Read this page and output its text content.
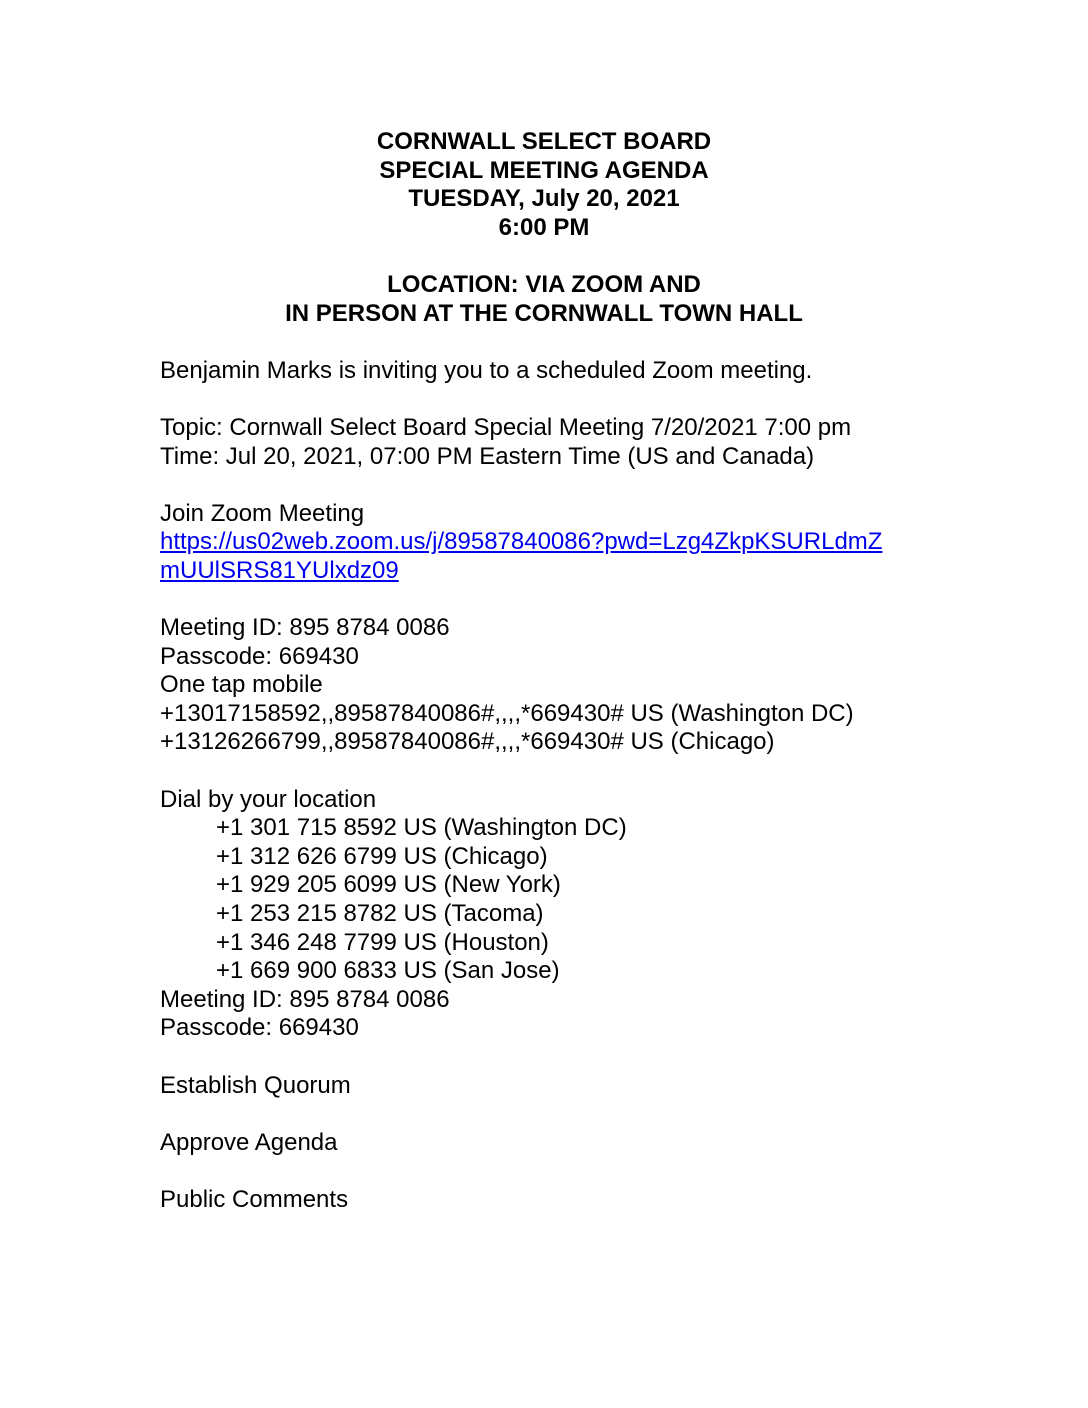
CORNWALL SELECT BOARD
SPECIAL MEETING AGENDA
TUESDAY, July 20, 2021
6:00 PM
LOCATION: VIA ZOOM AND
IN PERSON AT THE CORNWALL TOWN HALL
Benjamin Marks is inviting you to a scheduled Zoom meeting.
Topic: Cornwall Select Board Special Meeting 7/20/2021 7:00 pm
Time: Jul 20, 2021, 07:00 PM Eastern Time (US and Canada)
Join Zoom Meeting
https://us02web.zoom.us/j/89587840086?pwd=Lzg4ZkpKSURLdmZ
mUUlSRS81YUlxdz09
Meeting ID: 895 8784 0086
Passcode: 669430
One tap mobile
+13017158592,,89587840086#,,,,*669430# US (Washington DC)
+13126266799,,89587840086#,,,,*669430# US (Chicago)
Dial by your location
+1 301 715 8592 US (Washington DC)
+1 312 626 6799 US (Chicago)
+1 929 205 6099 US (New York)
+1 253 215 8782 US (Tacoma)
+1 346 248 7799 US (Houston)
+1 669 900 6833 US (San Jose)
Meeting ID: 895 8784 0086
Passcode: 669430
Establish Quorum
Approve Agenda
Public Comments
